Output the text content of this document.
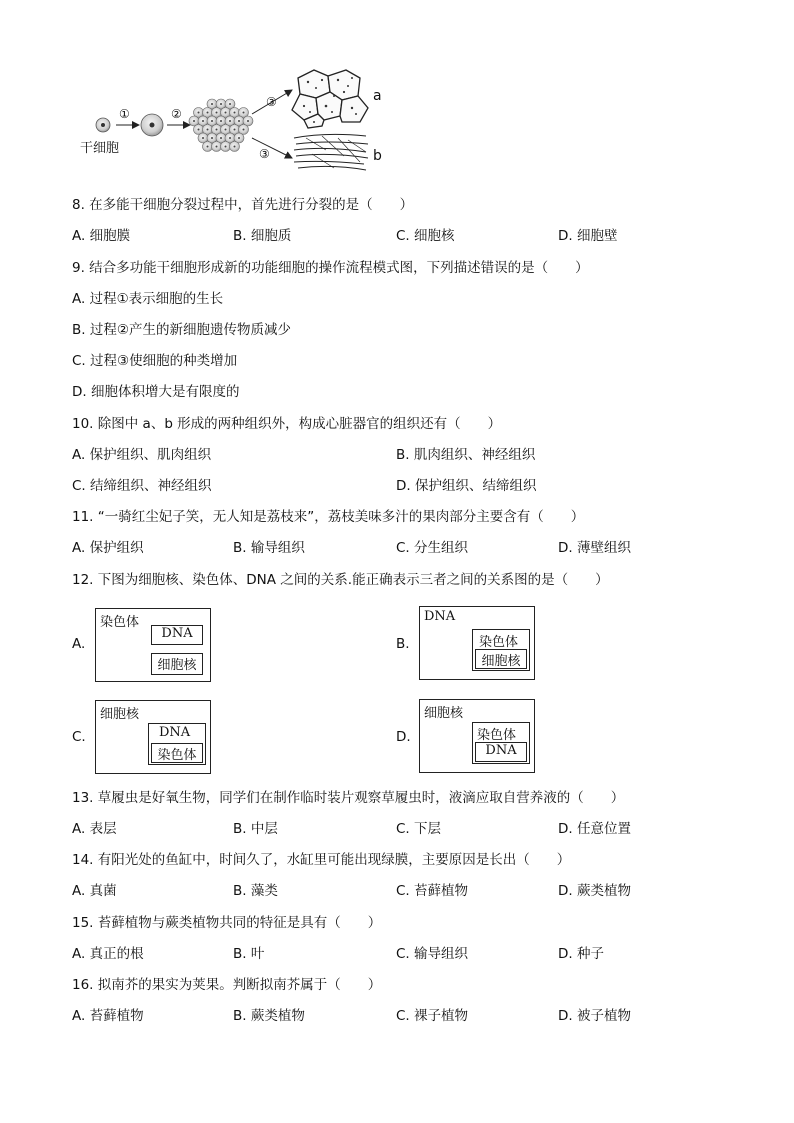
干细胞
①	②
③
③
a
b
8. 在多能干细胞分裂过程中，首先进行分裂的是（　　）
A. 细胞膜	B. 细胞质	C. 细胞核	D. 细胞壁
9. 结合多功能干细胞形成新的功能细胞的操作流程模式图，下列描述错误的是（　　）
A. 过程①表示细胞的生长
B. 过程②产生的新细胞遗传物质减少
C. 过程③使细胞的种类增加
D. 细胞体积增大是有限度的
10. 除图中 a、b 形成的两种组织外，构成心脏器官的组织还有（　　）
A. 保护组织、肌肉组织	B. 肌肉组织、神经组织
C. 结缔组织、神经组织	D. 保护组织、结缔组织
11. “一骑红尘妃子笑，无人知是荔枝来”，荔枝美味多汁的果肉部分主要含有（　　）
A. 保护组织	B. 输导组织	C. 分生组织	D. 薄壁组织
12. 下图为细胞核、染色体、DNA 之间的关系.能正确表示三者之间的关系图的是（　　）
A.
染色体
DNA
细胞核
B.
DNA
染色体
细胞核
C.
细胞核
DNA
染色体
D.
细胞核
染色体
DNA
13. 草履虫是好氧生物，同学们在制作临时装片观察草履虫时，液滴应取自营养液的（　　）
A. 表层	B. 中层	C. 下层	D. 任意位置
14. 有阳光处的鱼缸中，时间久了，水缸里可能出现绿膜，主要原因是长出（　　）
A. 真菌	B. 藻类	C. 苔藓植物	D. 蕨类植物
15. 苔藓植物与蕨类植物共同的特征是具有（　　）
A. 真正的根	B. 叶	C. 输导组织	D. 种子
16. 拟南芥的果实为荚果。判断拟南芥属于（　　）
A. 苔藓植物	B. 蕨类植物	C. 裸子植物	D. 被子植物
